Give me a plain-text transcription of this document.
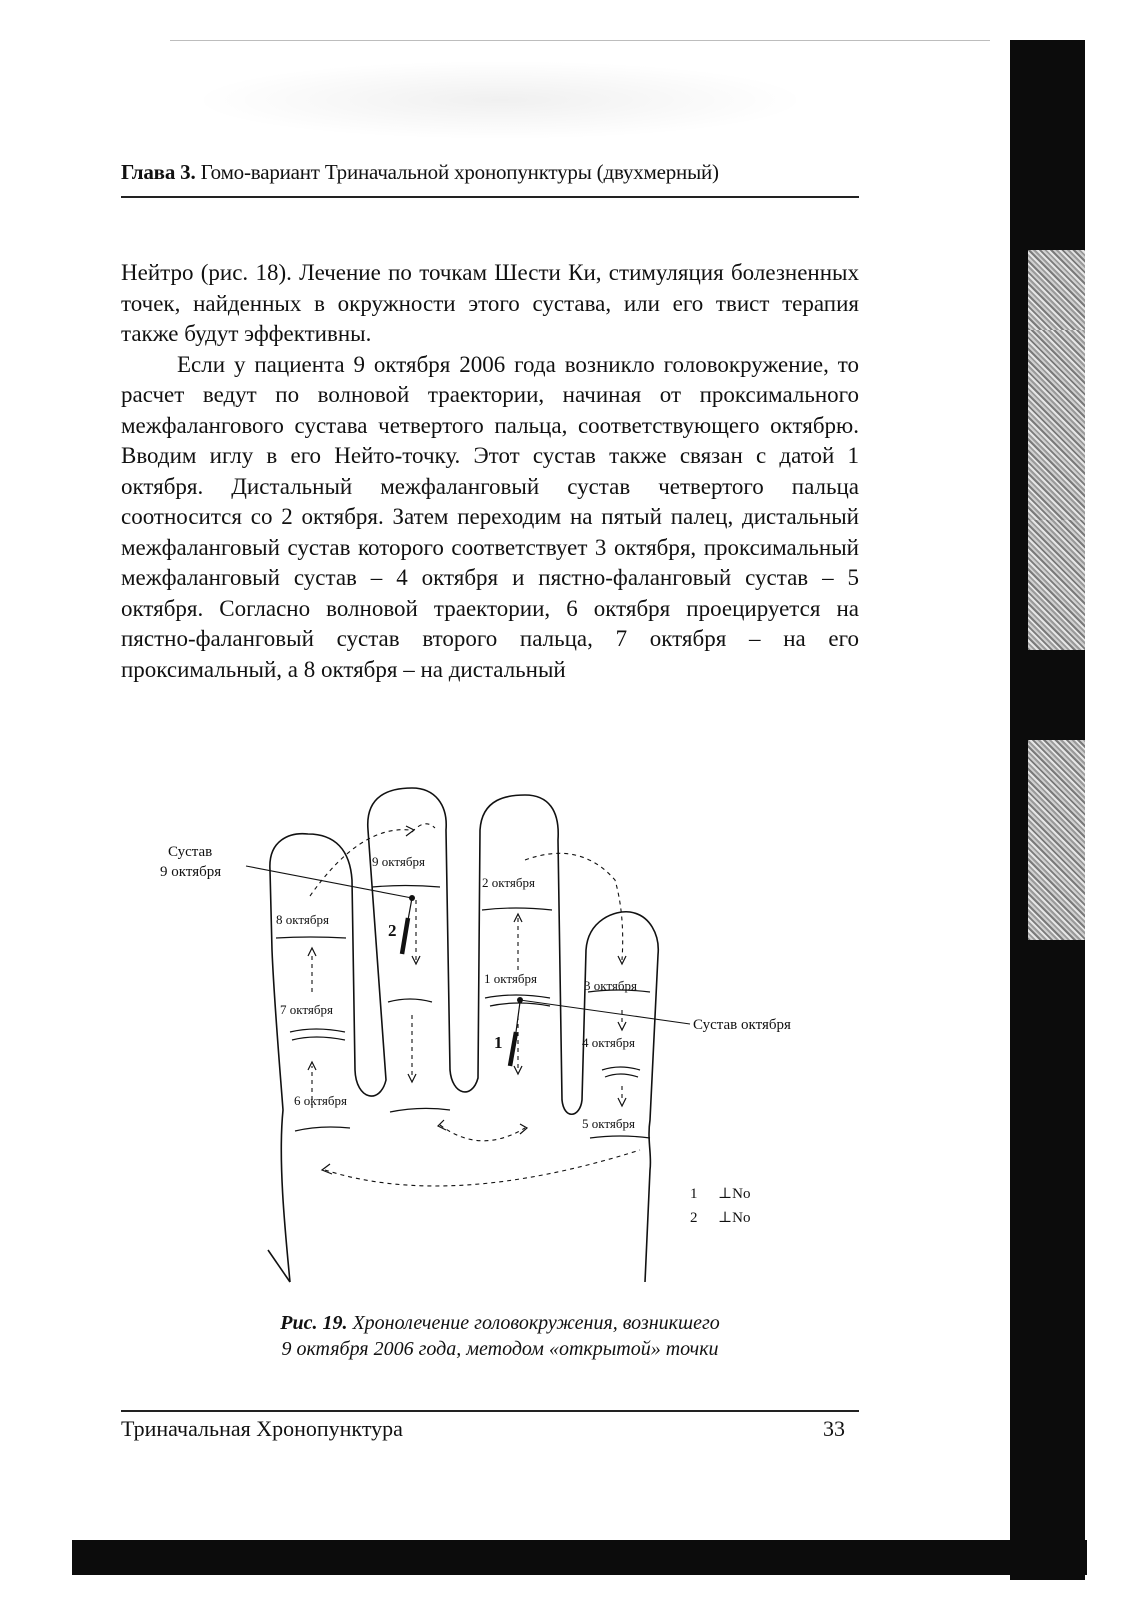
Глава 3. Гомо-вариант Триначальной хронопунктуры (двухмерный)

Нейтро (рис. 18). Лечение по точкам Шести Ки, стимуляция болезненных точек, найденных в окружности этого сустава, или его твист терапия также будут эффективны.

Если у пациента 9 октября 2006 года возникло головокружение, то расчет ведут по волновой траектории, начиная от проксимального межфалангового сустава четвертого пальца, соответствующего октябрю. Вводим иглу в его Нейто-точку. Этот сустав также связан с датой 1 октября. Дистальный межфаланговый сустав четвертого пальца соотносится со 2 октября. Затем переходим на пятый палец, дистальный межфаланговый сустав которого соответствует 3 октября, проксимальный межфаланговый сустав – 4 октября и пястно-фаланговый сустав – 5 октября. Согласно волновой траектории, 6 октября проецируется на пястно-фаланговый сустав второго пальца, 7 октября – на его проксимальный, а 8 октября – на дистальный

Сустав
9 октября
Сустав октября
9 октября
2 октября
8 октября
1 октября	3 октября
7 октября
4 октября
6 октября
5 октября
2
1
1 ⊥No
2 ⊥No
Рис. 19. Хронолечение головокружения, возникшего
9 октября 2006 года, методом «открытой» точки
Триначальная Хронопунктура	33
